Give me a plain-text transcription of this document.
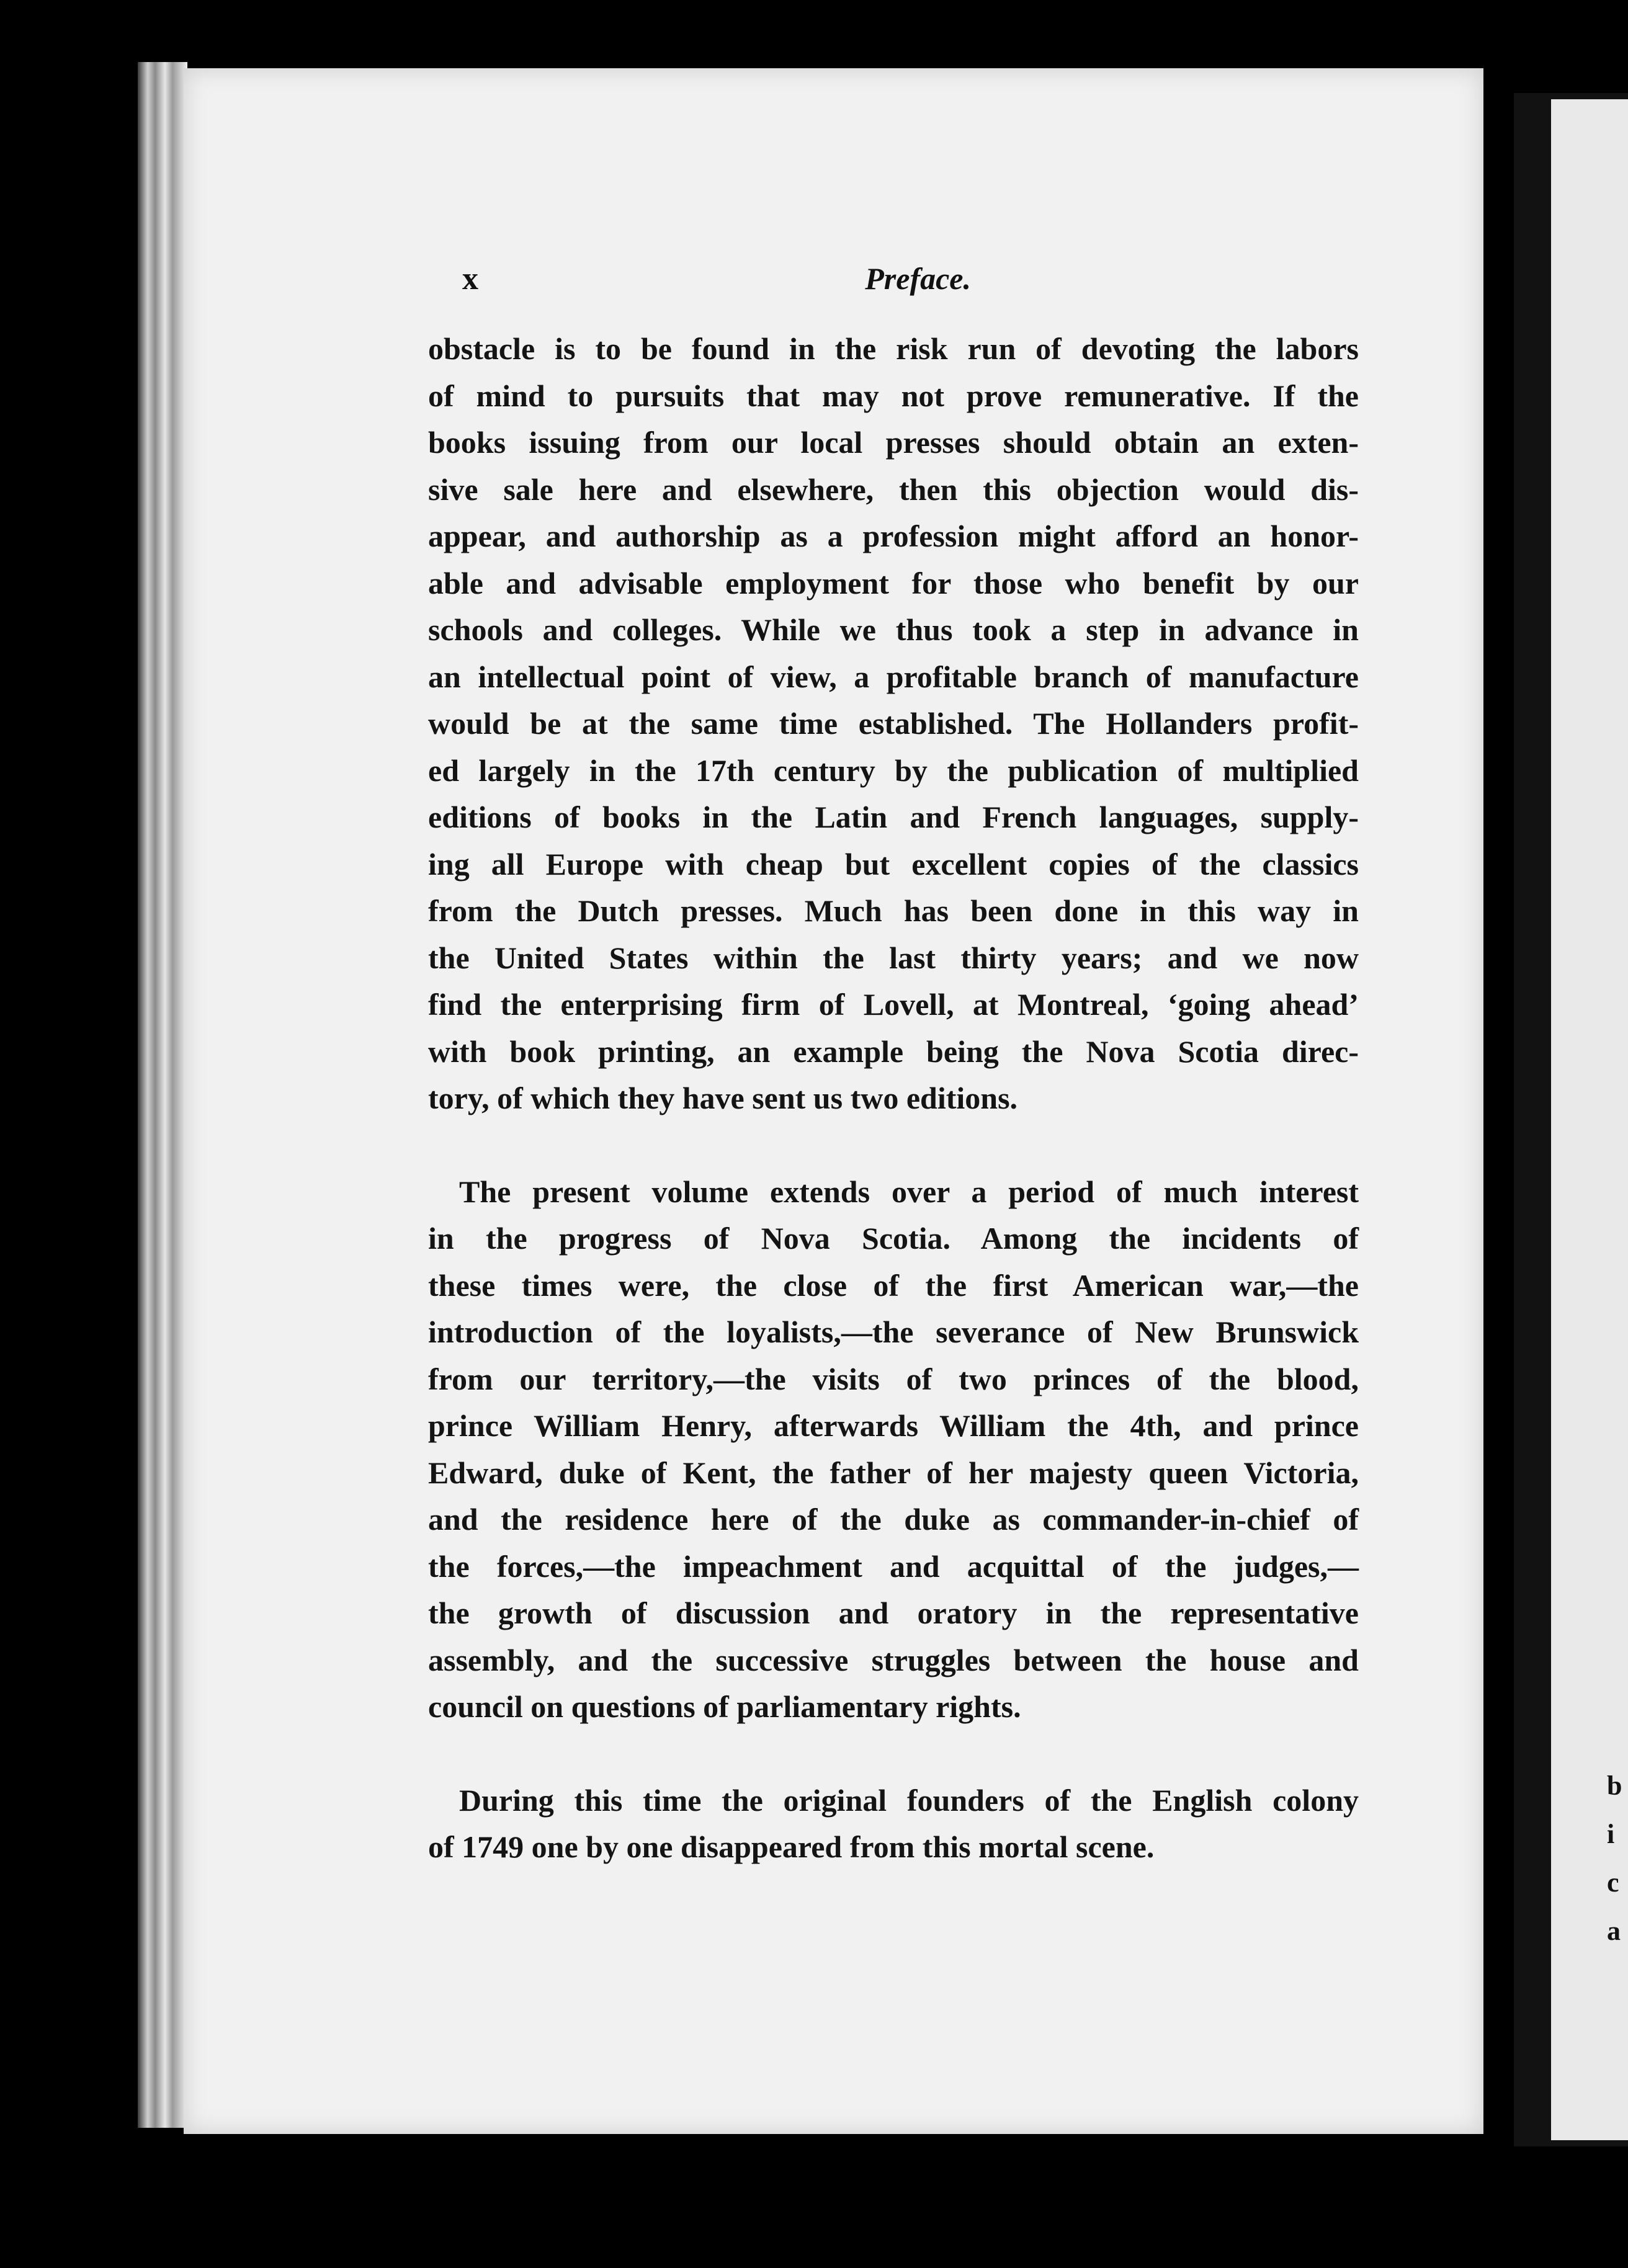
b
i
c
a
x	Preface.
obstacle is to be found in the risk run of devoting the labors
of mind to pursuits that may not prove remunerative. If the
books issuing from our local presses should obtain an exten-
sive sale here and elsewhere, then this objection would dis-
appear, and authorship as a profession might afford an honor-
able and advisable employment for those who benefit by our
schools and colleges. While we thus took a step in advance in
an intellectual point of view, a profitable branch of manufacture
would be at the same time established. The Hollanders profit-
ed largely in the 17th century by the publication of multiplied
editions of books in the Latin and French languages, supply-
ing all Europe with cheap but excellent copies of the classics
from the Dutch presses. Much has been done in this way in
the United States within the last thirty years; and we now
find the enterprising firm of Lovell, at Montreal, ‘going ahead’
with book printing, an example being the Nova Scotia direc-
tory, of which they have sent us two editions.
The present volume extends over a period of much interest
in the progress of Nova Scotia. Among the incidents of
these times were, the close of the first American war,—the
introduction of the loyalists,—the severance of New Brunswick
from our territory,—the visits of two princes of the blood,
prince William Henry, afterwards William the 4th, and prince
Edward, duke of Kent, the father of her majesty queen Victoria,
and the residence here of the duke as commander-in-chief of
the forces,—the impeachment and acquittal of the judges,—
the growth of discussion and oratory in the representative
assembly, and the successive struggles between the house and
council on questions of parliamentary rights.
During this time the original founders of the English colony
of 1749 one by one disappeared from this mortal scene.
